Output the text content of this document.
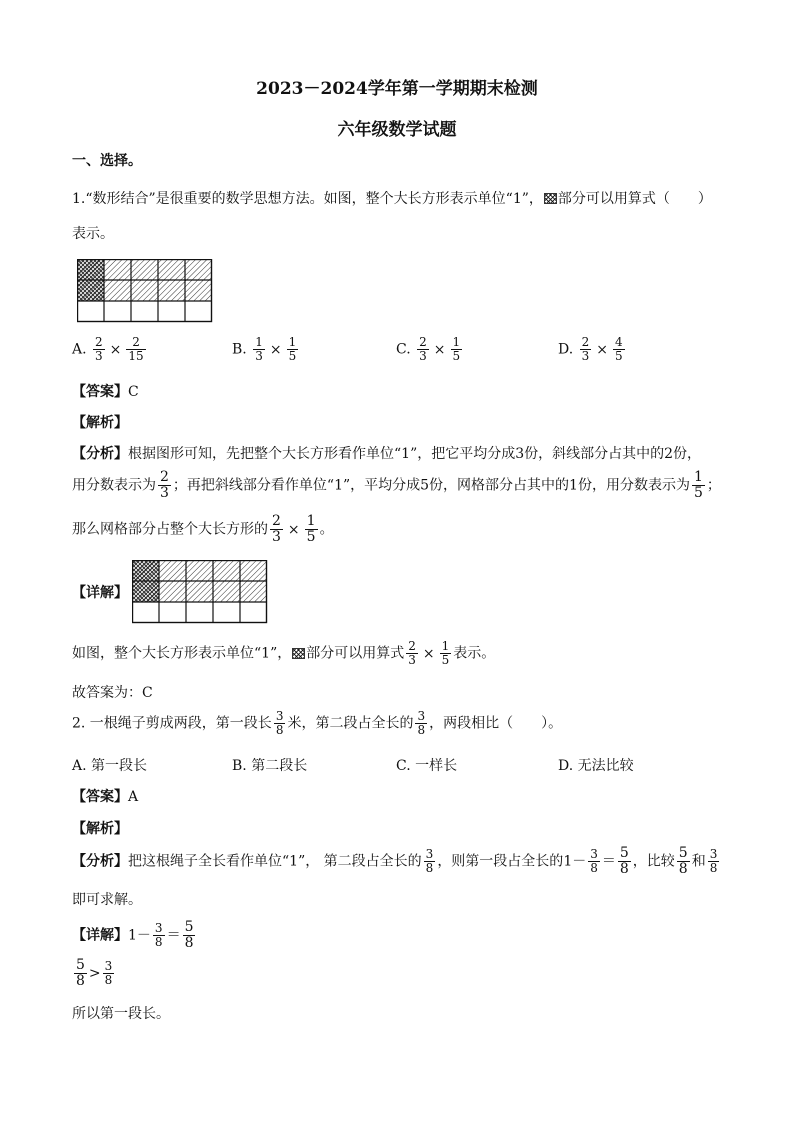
2023－2024学年第一学期期末检测
六年级数学试题
一、选择。
1.“数形结合”是很重要的数学思想方法。如图，整个大长方形表示单位“1”， 部分可以用算式（　　）
表示。
A. $\frac{2}{3} \times \frac{2}{15}$	B. $\frac{1}{3} \times \frac{1}{5}$	C. $\frac{2}{3} \times \frac{1}{5}$	D. $\frac{2}{3} \times \frac{4}{5}$
【答案】C
【解析】
【分析】根据图形可知，先把整个大长方形看作单位“1”，把它平均分成3份，斜线部分占其中的2份，
用分数表示为 $\frac{2}{3}$ ；再把斜线部分看作单位“1”，平均分成5份，网格部分占其中的1份，用分数表示为 $\frac{1}{5}$ ；
那么网格部分占整个大长方形的 $\frac{2}{3} \times \frac{1}{5}$ 。
【详解】
如图，整个大长方形表示单位“1”， 部分可以用算式 $\frac{2}{3} \times \frac{1}{5}$ 表示。
故答案为：C
2. 一根绳子剪成两段，第一段长 $\frac{3}{8}$ 米，第二段占全长的 $\frac{3}{8}$ ，两段相比（　　）。
A. 第一段长	B. 第二段长	C. 一样长	D. 无法比较
【答案】A
【解析】
【分析】把这根绳子全长看作单位“1”， 第二段占全长的 $\frac{3}{8}$ ，则第一段占全长的$1- \frac{3}{8} = \frac{5}{8}$ ，比较 $\frac{5}{8}$ 和 $\frac{3}{8}$
即可求解。
【详解】$1- \frac{3}{8} = \frac{5}{8}$
$\frac{5}{8} > \frac{3}{8}$
所以第一段长。
